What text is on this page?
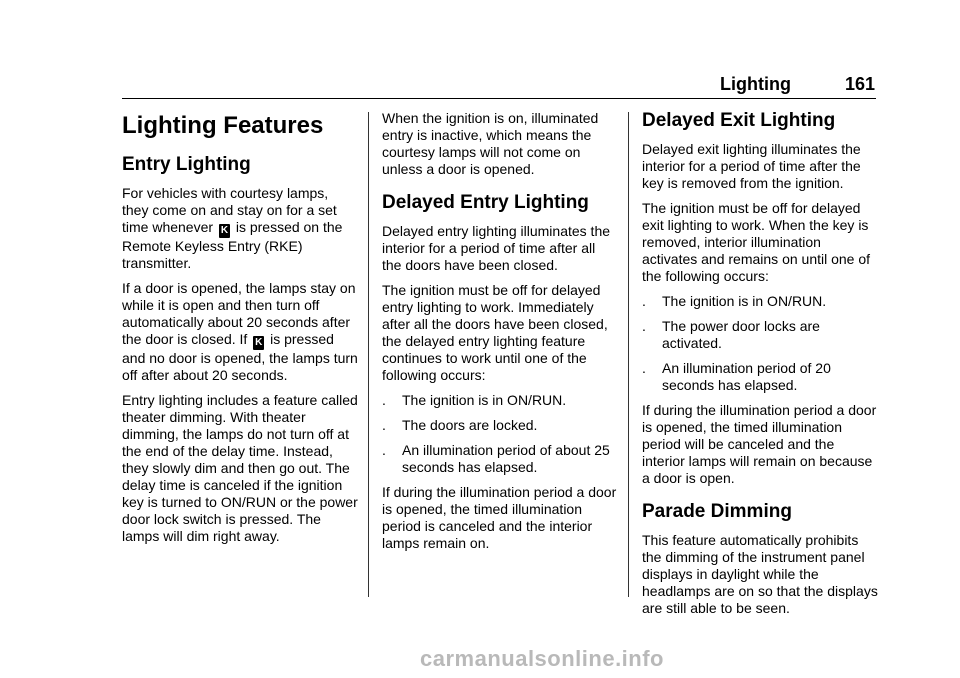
Lighting	161
Lighting Features
Entry Lighting

For vehicles with courtesy lamps, they come on and stay on for a set time whenever K is pressed on the Remote Keyless Entry (RKE) transmitter.

If a door is opened, the lamps stay on while it is open and then turn off automatically about 20 seconds after the door is closed. If K is pressed and no door is opened, the lamps turn off after about 20 seconds.

Entry lighting includes a feature called theater dimming. With theater dimming, the lamps do not turn off at the end of the delay time. Instead, they slowly dim and then go out. The delay time is canceled if the ignition key is turned to ON/RUN or the power door lock switch is pressed. The lamps will dim right away.

When the ignition is on, illuminated entry is inactive, which means the courtesy lamps will not come on unless a door is opened.

Delayed Entry Lighting

Delayed entry lighting illuminates the interior for a period of time after all the doors have been closed.

The ignition must be off for delayed entry lighting to work. Immediately after all the doors have been closed, the delayed entry lighting feature continues to work until one of the following occurs:

.	The ignition is in ON/RUN.
.	The doors are locked.
.	An illumination period of about 25 seconds has elapsed.

If during the illumination period a door is opened, the timed illumination period is canceled and the interior lamps remain on.

Delayed Exit Lighting

Delayed exit lighting illuminates the interior for a period of time after the key is removed from the ignition.

The ignition must be off for delayed exit lighting to work. When the key is removed, interior illumination activates and remains on until one of the following occurs:

.	The ignition is in ON/RUN.
.	The power door locks are activated.
.	An illumination period of 20 seconds has elapsed.

If during the illumination period a door is opened, the timed illumination period will be canceled and the interior lamps will remain on because a door is open.

Parade Dimming

This feature automatically prohibits the dimming of the instrument panel displays in daylight while the headlamps are on so that the displays are still able to be seen.

carmanualsonline.info
